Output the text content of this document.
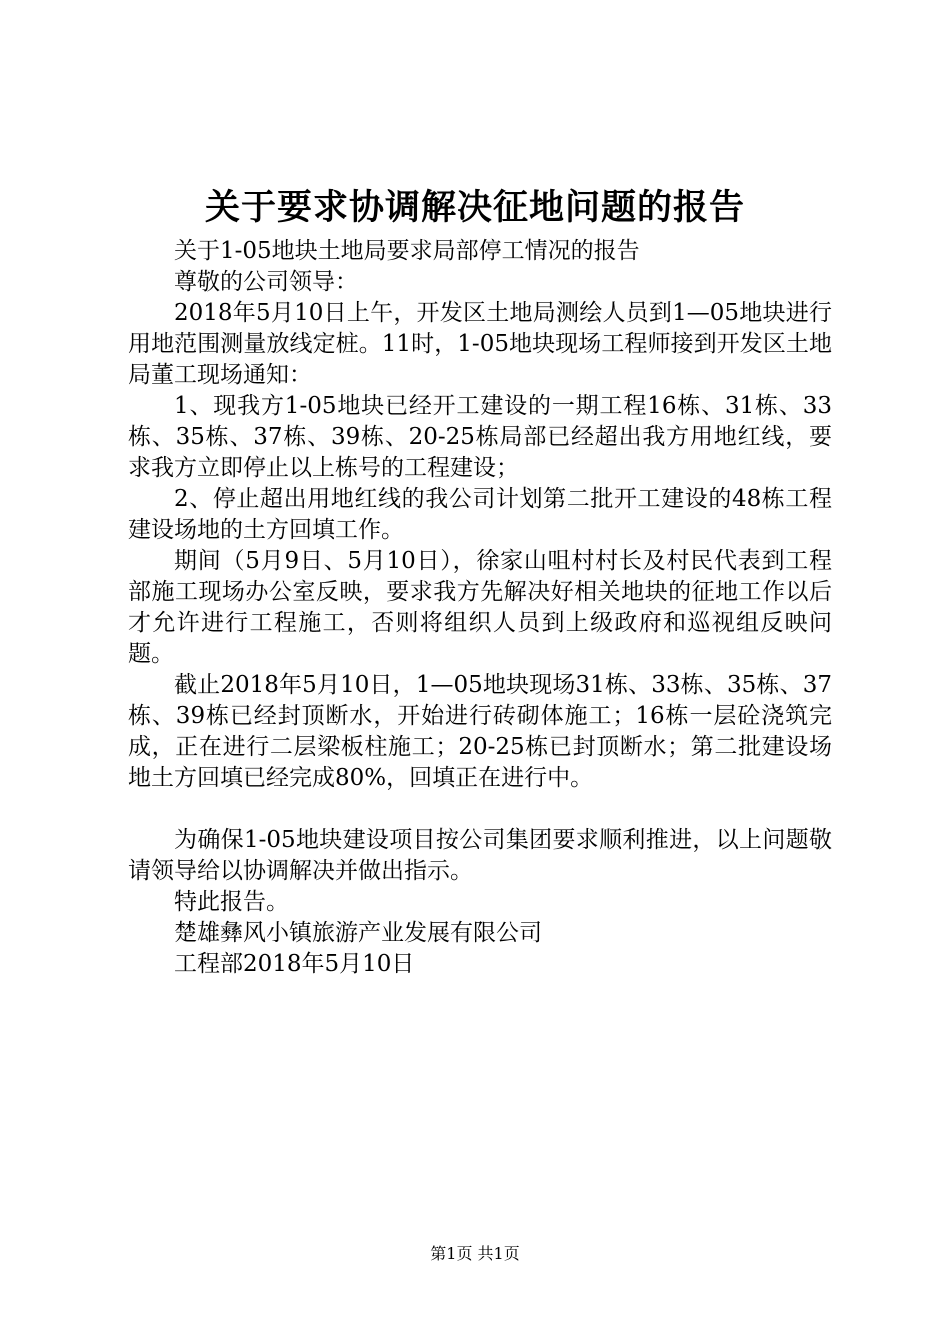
关于要求协调解决征地问题的报告

关于1-05地块土地局要求局部停工情况的报告

尊敬的公司领导：

2018年5月10日上午，开发区土地局测绘人员到1—05地块进行用地范围测量放线定桩。11时，1-05地块现场工程师接到开发区土地局董工现场通知：

1、现我方1-05地块已经开工建设的一期工程16栋、31栋、33栋、35栋、37栋、39栋、20-25栋局部已经超出我方用地红线，要求我方立即停止以上栋号的工程建设；

2、停止超出用地红线的我公司计划第二批开工建设的48栋工程建设场地的土方回填工作。

期间（5月9日、5月10日），徐家山咀村村长及村民代表到工程部施工现场办公室反映，要求我方先解决好相关地块的征地工作以后才允许进行工程施工，否则将组织人员到上级政府和巡视组反映问题。

截止2018年5月10日，1—05地块现场31栋、33栋、35栋、37栋、39栋已经封顶断水，开始进行砖砌体施工；16栋一层砼浇筑完成，正在进行二层梁板柱施工；20-25栋已封顶断水；第二批建设场地土方回填已经完成80%，回填正在进行中。

为确保1-05地块建设项目按公司集团要求顺利推进，以上问题敬请领导给以协调解决并做出指示。

特此报告。

楚雄彝风小镇旅游产业发展有限公司

工程部2018年5月10日

第1页 共1页
